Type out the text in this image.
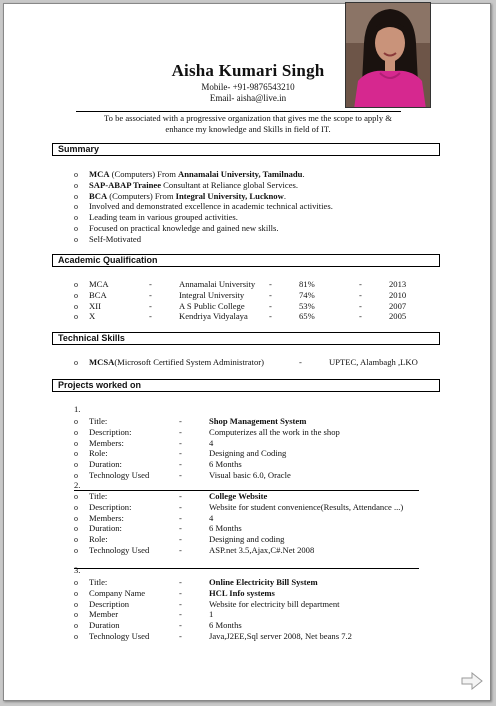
Aisha Kumari Singh
Mobile- +91-9876543210
Email- aisha@live.in
To be associated with a progressive organization that gives me the scope to apply &
enhance my knowledge and Skills in field of IT.
Summary
Academic Qualification
Technical Skills
Projects worked on
o MCA (Computers) From Annamalai University, Tamilnadu.
o SAP-ABAP Trainee Consultant at Reliance global Services.
o BCA (Computers) From Integral University, Lucknow.
o Involved and demonstrated excellence in academic technical activities.
o Leading team in various grouped activities.
o Focused on practical knowledge and gained new skills.
o Self-Motivated
o MCA	-	Annamalai University -	81%	-	2013
o BCA	-	Integral University	-	74%	-	2010
o XII	-	A S Public College	-	53%	-	2007
o X	-	Kendriya Vidyalaya -	65%	-	2005
o MCSA(Microsoft Certified System Administrator)	-	UPTEC, Alambagh ,LKO
1.
o Title:	-	Shop Management System
o Description:	-	Computerizes all the work in the shop
o Members:	-	4
o Role:	-	Designing and Coding
o Duration:	-	6 Months
o Technology Used	-	Visual basic 6.0, Oracle
2.
o Title:	-	College Website
o Description:	-	Website for student convenience(Results, Attendance ...)
o Members:	-	4
o Duration:	-	6 Months
o Role:	-	Designing and coding
o Technology Used	-	ASP.net 3.5,Ajax,C#.Net 2008
3.
o Title:	-	Online Electricity Bill System
o Company Name	-	HCL Info systems
o Description	-	Website for electricity bill department
o Member	-	1
o Duration	-	6 Months
o Technology Used	-	Java,J2EE,Sql server 2008, Net beans 7.2
